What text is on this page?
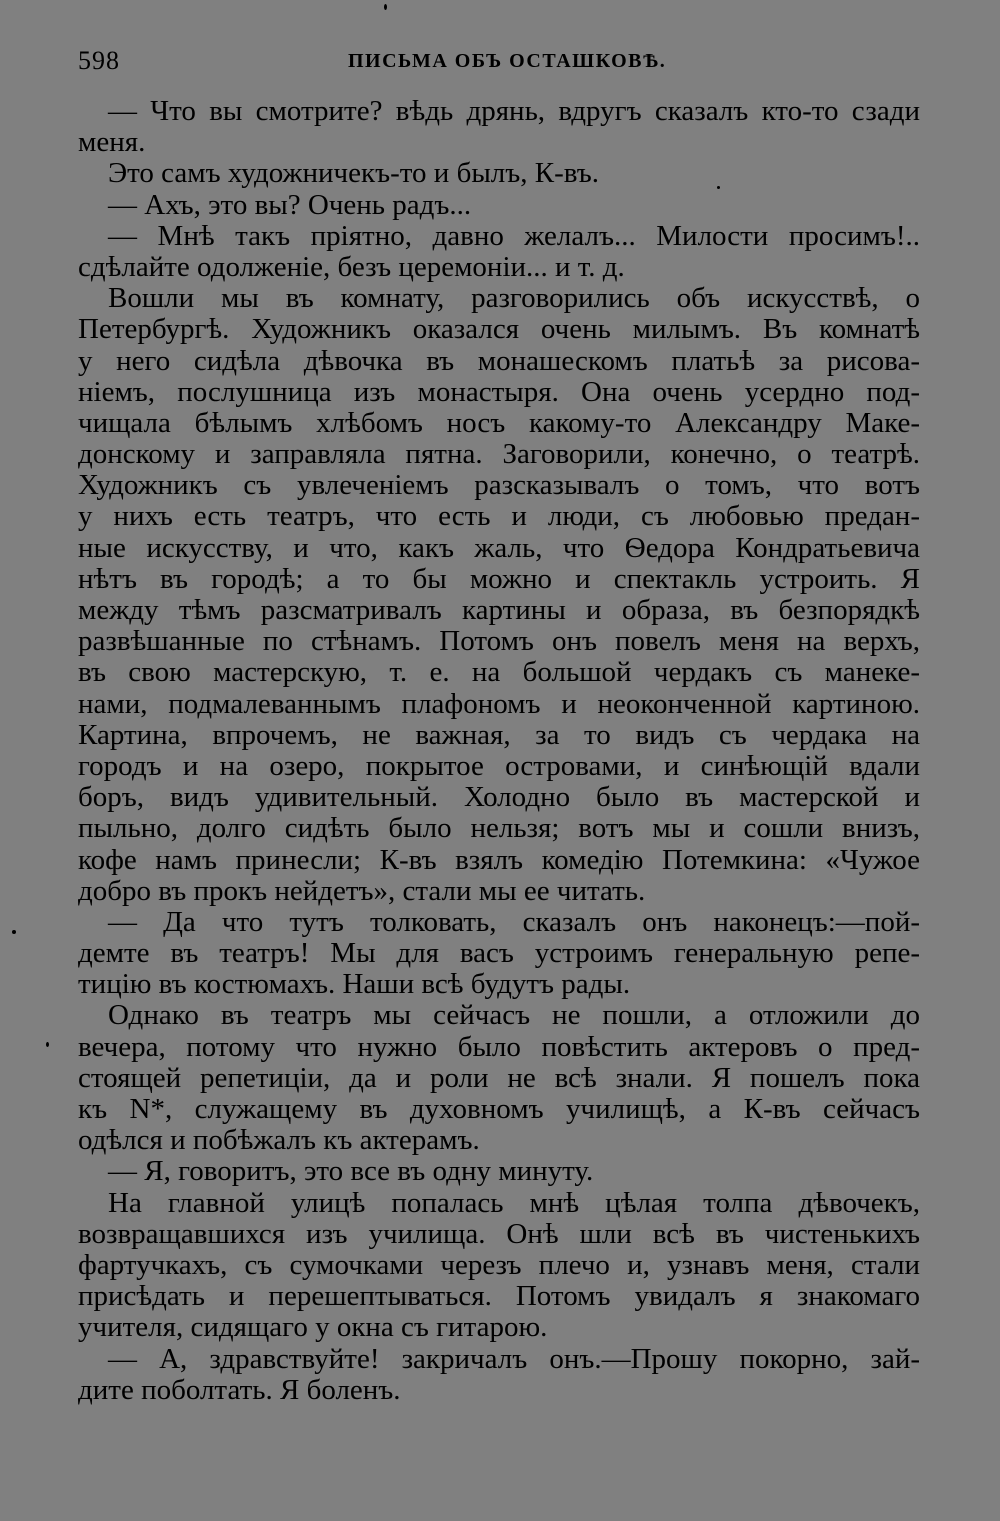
598	ПИСЬМА ОБЪ ОСТАШКОВѢ.
— Что вы смотрите? вѣдь дрянь, вдругъ сказалъ кто-то сзади
меня.
Это самъ художничекъ-то и былъ, К-въ.
— Ахъ, это вы? Очень радъ...
— Мнѣ такъ пріятно, давно желалъ... Милости просимъ!..
сдѣлайте одолженіе, безъ церемоніи... и т. д.
Вошли мы въ комнату, разговорились объ искусствѣ, о
Петербургѣ. Художникъ оказался очень милымъ. Въ комнатѣ
у него сидѣла дѣвочка въ монашескомъ платьѣ за рисова-
ніемъ, послушница изъ монастыря. Она очень усердно под-
чищала бѣлымъ хлѣбомъ носъ какому-то Александру Маке-
донскому и заправляла пятна. Заговорили, конечно, о театрѣ.
Художникъ съ увлеченіемъ разсказывалъ о томъ, что вотъ
у нихъ есть театръ, что есть и люди, съ любовью предан-
ные искусству, и что, какъ жаль, что Ѳедора Кондратьевича
нѣтъ въ городѣ; а то бы можно и спектакль устроить. Я
между тѣмъ разсматривалъ картины и образа, въ безпорядкѣ
развѣшанные по стѣнамъ. Потомъ онъ повелъ меня на верхъ,
въ свою мастерскую, т. е. на большой чердакъ съ манеке-
нами, подмалеваннымъ плафономъ и неоконченной картиною.
Картина, впрочемъ, не важная, за то видъ съ чердака на
городъ и на озеро, покрытое островами, и синѣющій вдали
боръ, видъ удивительный. Холодно было въ мастерской и
пыльно, долго сидѣть было нельзя; вотъ мы и сошли внизъ,
кофе намъ принесли; К-въ взялъ комедію Потемкина: «Чужое
добро въ прокъ нейдетъ», стали мы ее читать.
— Да что тутъ толковать, сказалъ онъ наконецъ:—пой-
демте въ театръ! Мы для васъ устроимъ генеральную репе-
тицію въ костюмахъ. Наши всѣ будутъ рады.
Однако въ театръ мы сейчасъ не пошли, а отложили до
вечера, потому что нужно было повѣстить актеровъ о пред-
стоящей репетиціи, да и роли не всѣ знали. Я пошелъ пока
къ N*, служащему въ духовномъ училищѣ, а К-въ сейчасъ
одѣлся и побѣжалъ къ актерамъ.
— Я, говоритъ, это все въ одну минуту.
На главной улицѣ попалась мнѣ цѣлая толпа дѣвочекъ,
возвращавшихся изъ училища. Онѣ шли всѣ въ чистенькихъ
фартучкахъ, съ сумочками черезъ плечо и, узнавъ меня, стали
присѣдать и перешептываться. Потомъ увидалъ я знакомаго
учителя, сидящаго у окна съ гитарою.
— А, здравствуйте! закричалъ онъ.—Прошу покорно, зай-
дите поболтать. Я боленъ.
